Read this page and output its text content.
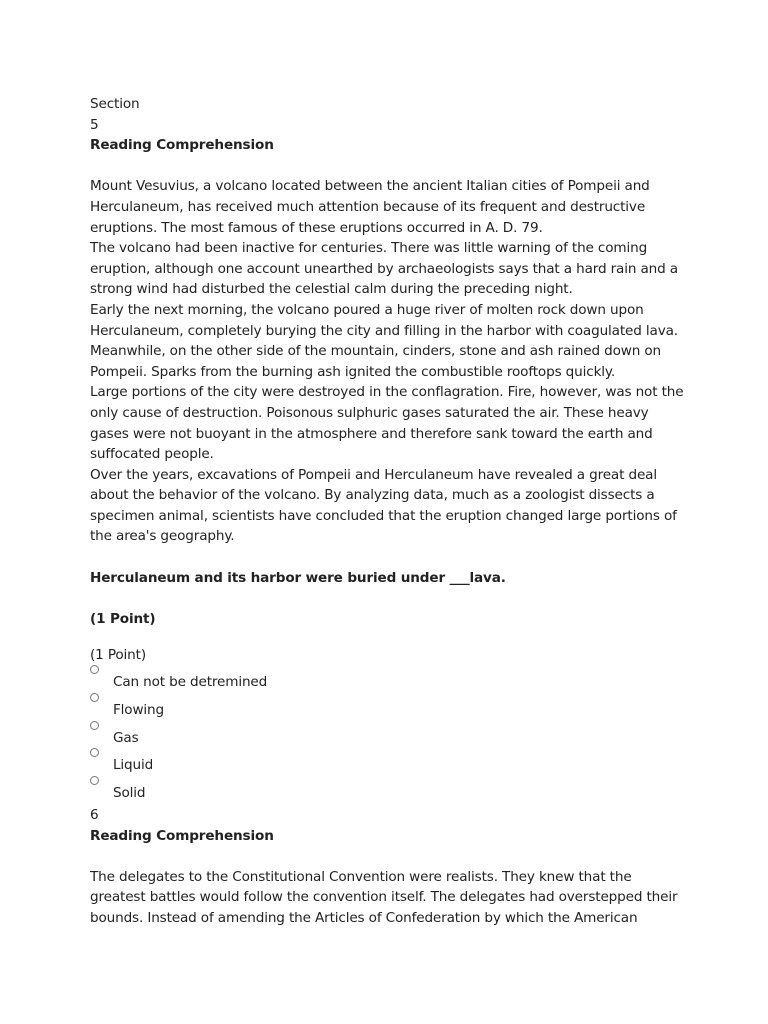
Section
5
Reading Comprehension

Mount Vesuvius, a volcano located between the ancient Italian cities of Pompeii and Herculaneum, has received much attention because of its frequent and destructive eruptions. The most famous of these eruptions occurred in A. D. 79.

The volcano had been inactive for centuries. There was little warning of the coming eruption, although one account unearthed by archaeologists says that a hard rain and a strong wind had disturbed the celestial calm during the preceding night.

Early the next morning, the volcano poured a huge river of molten rock down upon Herculaneum, completely burying the city and filling in the harbor with coagulated lava. Meanwhile, on the other side of the mountain, cinders, stone and ash rained down on Pompeii. Sparks from the burning ash ignited the combustible rooftops quickly.

Large portions of the city were destroyed in the conflagration. Fire, however, was not the only cause of destruction. Poisonous sulphuric gases saturated the air. These heavy gases were not buoyant in the atmosphere and therefore sank toward the earth and suffocated people.

Over the years, excavations of Pompeii and Herculaneum have revealed a great deal about the behavior of the volcano. By analyzing data, much as a zoologist dissects a specimen animal, scientists have concluded that the eruption changed large portions of the area's geography.

Herculaneum and its harbor were buried under ___lava.

(1 Point)

(1 Point)

Can not be detremined
Flowing
Gas
Liquid
Solid
6
Reading Comprehension

The delegates to the Constitutional Convention were realists. They knew that the greatest battles would follow the convention itself. The delegates had overstepped their bounds. Instead of amending the Articles of Confederation by which the American
